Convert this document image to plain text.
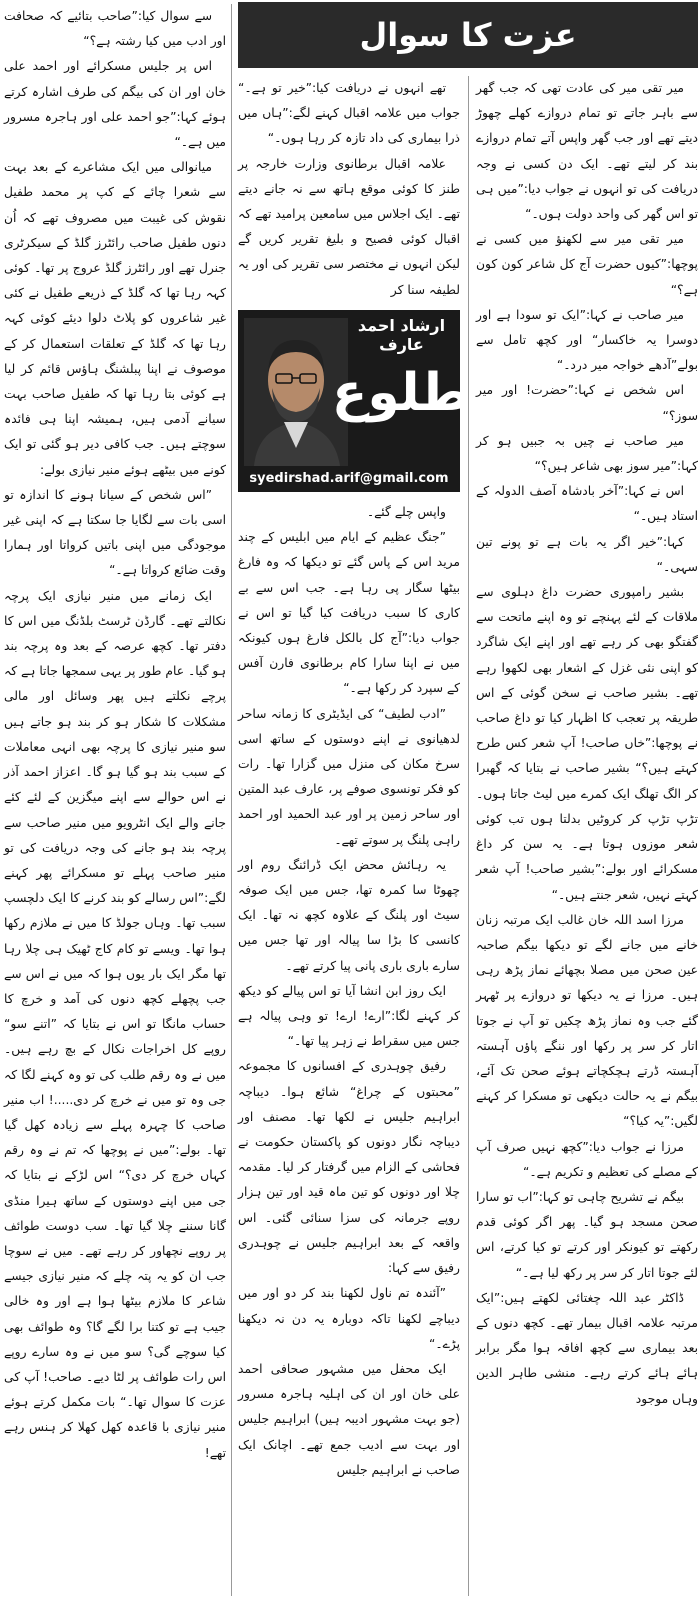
عزت کا سوال

میر تقی میر کی عادت تھی کہ جب گھر سے باہر جاتے تو تمام دروازے کھلے چھوڑ دیتے تھے اور جب گھر واپس آتے تمام دروازے بند کر لیتے تھے۔ ایک دن کسی نے وجہ دریافت کی تو انہوں نے جواب دیا:”میں ہی تو اس گھر کی واحد دولت ہوں۔“

میر تقی میر سے لکھنؤ میں کسی نے پوچھا:”کیوں حضرت آج کل شاعر کون کون ہے؟“

میر صاحب نے کہا:”ایک تو سودا ہے اور دوسرا یہ خاکسار“ اور کچھ تامل سے بولے”آدھے خواجہ میر درد۔“

اس شخص نے کہا:”حضرت! اور میر سوز؟“

میر صاحب نے چیں بہ جبیں ہو کر کہا:”میر سوز بھی شاعر ہیں؟“

اس نے کہا:”آخر بادشاہ آصف الدولہ کے استاد ہیں۔“

کہا:”خیر اگر یہ بات ہے تو پونے تین سہی۔“

بشیر رامپوری حضرت داغ دہلوی سے ملاقات کے لئے پہنچے تو وہ اپنے ماتحت سے گفتگو بھی کر رہے تھے اور اپنے ایک شاگرد کو اپنی نئی غزل کے اشعار بھی لکھوا رہے تھے۔ بشیر صاحب نے سخن گوئی کے اس طریقہ پر تعجب کا اظہار کیا تو داغ صاحب نے پوچھا:”خاں صاحب! آپ شعر کس طرح کہتے ہیں؟“ بشیر صاحب نے بتایا کہ گھبرا کر الگ تھلگ ایک کمرے میں لیٹ جاتا ہوں۔ تڑپ تڑپ کر کروٹیں بدلتا ہوں تب کوئی شعر موزوں ہوتا ہے۔ یہ سن کر داغ مسکرائے اور بولے:”بشیر صاحب! آپ شعر کہتے نہیں، شعر جنتے ہیں۔“

مرزا اسد اللہ خان غالب ایک مرتبہ زنان خانے میں جانے لگے تو دیکھا بیگم صاحبہ عین صحن میں مصلا بچھائے نماز پڑھ رہی ہیں۔ مرزا نے یہ دیکھا تو دروازے پر ٹھہر گئے جب وہ نماز پڑھ چکیں تو آپ نے جوتا اتار کر سر پر رکھا اور ننگے پاؤں آہستہ آہستہ ڈرتے ہچکچاتے ہوئے صحن تک آئے، بیگم نے یہ حالت دیکھی تو مسکرا کر کہنے لگیں:”یہ کیا؟“

مرزا نے جواب دیا:”کچھ نہیں صرف آپ کے مصلے کی تعظیم و تکریم ہے۔“

بیگم نے تشریح چاہی تو کہا:”اب تو سارا صحن مسجد ہو گیا۔ پھر اگر کوئی قدم رکھتے تو کیونکر اور کرتے تو کیا کرتے، اس لئے جوتا اتار کر سر پر رکھ لیا ہے۔“

ڈاکٹر عبد اللہ چغتائی لکھتے ہیں:”ایک مرتبہ علامہ اقبال بیمار تھے۔ کچھ دنوں کے بعد بیماری سے کچھ افاقہ ہوا مگر برابر ہائے ہائے کرتے رہے۔ منشی طاہر الدین وہاں موجود

تھے انہوں نے دریافت کیا:”خیر تو ہے۔“ جواب میں علامہ اقبال کہنے لگے:”ہاں میں ذرا بیماری کی داد تازہ کر رہا ہوں۔“

علامہ اقبال برطانوی وزارت خارجہ پر طنز کا کوئی موقع ہاتھ سے نہ جانے دیتے تھے۔ ایک اجلاس میں سامعین پرامید تھے کہ اقبال کوئی فصیح و بلیغ تقریر کریں گے لیکن انہوں نے مختصر سی تقریر کی اور یہ لطیفہ سنا کر

ارشاد احمد عارف
طلوع
syedirshad.arif@gmail.com

واپس چلے گئے۔

”جنگ عظیم کے ایام میں ابلیس کے چند مرید اس کے پاس گئے تو دیکھا کہ وہ فارغ بیٹھا سگار پی رہا ہے۔ جب اس سے بے کاری کا سبب دریافت کیا گیا تو اس نے جواب دیا:”آج کل بالکل فارغ ہوں کیونکہ میں نے اپنا سارا کام برطانوی فارن آفس کے سپرد کر رکھا ہے۔“

”ادب لطیف“ کی ایڈیٹری کا زمانہ ساحر لدھیانوی نے اپنے دوستوں کے ساتھ اسی سرخ مکان کی منزل میں گزارا تھا۔ رات کو فکر تونسوی صوفے پر، عارف عبد المتین اور ساحر زمین پر اور عبد الحمید اور احمد راہی پلنگ پر سوتے تھے۔

یہ رہائش محض ایک ڈرائنگ روم اور چھوٹا سا کمرہ تھا، جس میں ایک صوفہ سیٹ اور پلنگ کے علاوہ کچھ نہ تھا۔ ایک کانسی کا بڑا سا پیالہ اور تھا جس میں سارے باری باری پانی پیا کرتے تھے۔

ایک روز ابن انشا آیا تو اس پیالے کو دیکھ کر کہنے لگا:”ارے! ارے! تو وہی پیالہ ہے جس میں سقراط نے زہر پیا تھا۔“

رفیق چوہدری کے افسانوں کا مجموعہ ”محبتوں کے چراغ“ شائع ہوا۔ دیباچہ ابراہیم جلیس نے لکھا تھا۔ مصنف اور دیباچہ نگار دونوں کو پاکستان حکومت نے فحاشی کے الزام میں گرفتار کر لیا۔ مقدمہ چلا اور دونوں کو تین ماہ قید اور تین ہزار روپے جرمانہ کی سزا سنائی گئی۔ اس واقعہ کے بعد ابراہیم جلیس نے چوہدری رفیق سے کہا:

”آئندہ تم ناول لکھنا بند کر دو اور میں دیباچے لکھنا تاکہ دوبارہ یہ دن نہ دیکھنا پڑے۔“

ایک محفل میں مشہور صحافی احمد علی خان اور ان کی اہلیہ ہاجرہ مسرور (جو بہت مشہور ادیبہ ہیں) ابراہیم جلیس اور بہت سے ادیب جمع تھے۔ اچانک ایک صاحب نے ابراہیم جلیس

سے سوال کیا:”صاحب بتائیے کہ صحافت اور ادب میں کیا رشتہ ہے؟“

اس پر جلیس مسکرائے اور احمد علی خان اور ان کی بیگم کی طرف اشارہ کرتے ہوئے کہا:”جو احمد علی اور ہاجرہ مسرور میں ہے۔“

میانوالی میں ایک مشاعرے کے بعد بہت سے شعرا چائے کے کپ پر محمد طفیل نقوش کی غیبت میں مصروف تھے کہ اُن دنوں طفیل صاحب رائٹرز گلڈ کے سیکرٹری جنرل تھے اور رائٹرز گلڈ عروج پر تھا۔ کوئی کہہ رہا تھا کہ گلڈ کے ذریعے طفیل نے کئی غیر شاعروں کو پلاٹ دلوا دیئے کوئی کہہ رہا تھا کہ گلڈ کے تعلقات استعمال کر کے موصوف نے اپنا پبلشنگ ہاؤس قائم کر لیا ہے کوئی بتا رہا تھا کہ طفیل صاحب بہت سیانے آدمی ہیں، ہمیشہ اپنا ہی فائدہ سوچتے ہیں۔ جب کافی دیر ہو گئی تو ایک کونے میں بیٹھے ہوئے منیر نیازی بولے:

”اس شخص کے سیانا ہونے کا اندازہ تو اسی بات سے لگایا جا سکتا ہے کہ اپنی غیر موجودگی میں اپنی باتیں کرواتا اور ہمارا وقت ضائع کرواتا ہے۔“

ایک زمانے میں منیر نیازی ایک پرچہ نکالتے تھے۔ گارڈن ٹرسٹ بلڈنگ میں اس کا دفتر تھا۔ کچھ عرصہ کے بعد وہ پرچہ بند ہو گیا۔ عام طور پر یہی سمجھا جاتا ہے کہ پرچے نکلتے ہیں پھر وسائل اور مالی مشکلات کا شکار ہو کر بند ہو جاتے ہیں سو منیر نیازی کا پرچہ بھی انہی معاملات کے سبب بند ہو گیا ہو گا۔ اعزاز احمد آذر نے اس حوالے سے اپنے میگزین کے لئے کئے جانے والے ایک انٹرویو میں منیر صاحب سے پرچہ بند ہو جانے کی وجہ دریافت کی تو منیر صاحب پہلے تو مسکرائے پھر کہنے لگے:”اس رسالے کو بند کرنے کا ایک دلچسپ سبب تھا۔ وہاں جولڈ کا میں نے ملازم رکھا ہوا تھا۔ ویسے تو کام کاج ٹھیک ہی چلا رہا تھا مگر ایک بار یوں ہوا کہ میں نے اس سے جب پچھلے کچھ دنوں کی آمد و خرچ کا حساب مانگا تو اس نے بتایا کہ ”اتنے سو“ روپے کل اخراجات نکال کے بچ رہے ہیں۔ میں نے وہ رقم طلب کی تو وہ کہنے لگا کہ جی وہ تو میں نے خرچ کر دی.....! اب منیر صاحب کا چہرہ پہلے سے زیادہ کھل گیا تھا۔ بولے:”میں نے پوچھا کہ تم نے وہ رقم کہاں خرچ کر دی؟“ اس لڑکے نے بتایا کہ جی میں اپنے دوستوں کے ساتھ ہیرا منڈی گانا سننے چلا گیا تھا۔ سب دوست طوائف پر روپے نچھاور کر رہے تھے۔ میں نے سوچا جب ان کو یہ پتہ چلے کہ منیر نیازی جیسے شاعر کا ملازم بیٹھا ہوا ہے اور وہ خالی جیب ہے تو کتنا برا لگے گا؟ وہ طوائف بھی کیا سوچے گی؟ سو میں نے وہ سارے روپے اس رات طوائف پر لٹا دیے۔ صاحب! آپ کی عزت کا سوال تھا۔“ بات مکمل کرتے ہوئے منیر نیازی با قاعدہ کھل کھلا کر ہنس رہے تھے!
